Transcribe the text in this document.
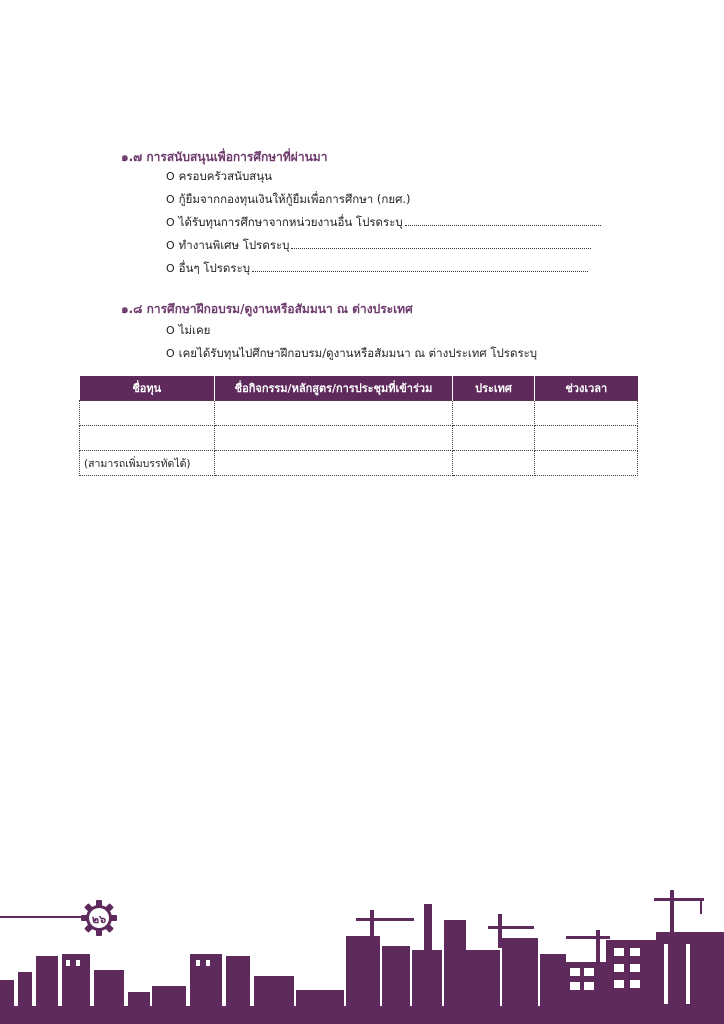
๑.๗ การสนับสนุนเพื่อการศึกษาที่ผ่านมา
O ครอบครัวสนับสนุน
O กู้ยืมจากกองทุนเงินให้กู้ยืมเพื่อการศึกษา (กยศ.)
O ได้รับทุนการศึกษาจากหน่วยงานอื่น โปรดระบุ
O ทำงานพิเศษ โปรดระบุ
O อื่นๆ โปรดระบุ
๑.๘ การศึกษาฝึกอบรม/ดูงานหรือสัมมนา ณ ต่างประเทศ
O ไม่เคย
O เคยได้รับทุนไปศึกษาฝึกอบรม/ดูงานหรือสัมมนา ณ ต่างประเทศ โปรดระบุ
ชื่อทุน	ชื่อกิจกรรม/หลักสูตร/การประชุมที่เข้าร่วม	ประเทศ	ช่วงเวลา

(สามารถเพิ่มบรรทัดได้)			
๒๖
